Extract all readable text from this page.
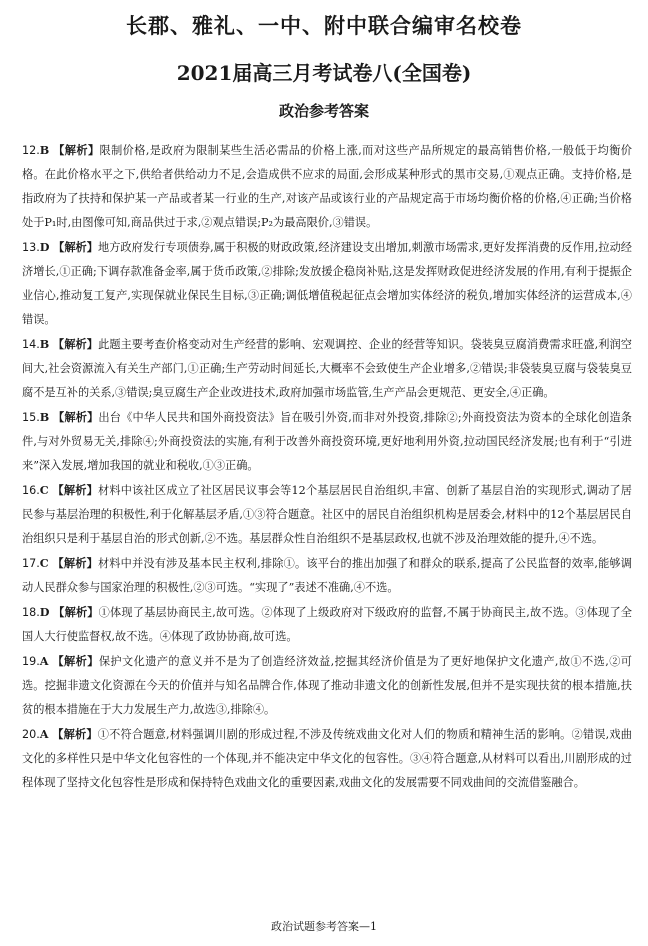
长郡、雅礼、一中、附中联合编审名校卷
2021届高三月考试卷八(全国卷)
政治参考答案

12.B 【解析】限制价格,是政府为限制某些生活必需品的价格上涨,而对这些产品所规定的最高销售价格,一般低于均衡价格。在此价格水平之下,供给者供给动力不足,会造成供不应求的局面,会形成某种形式的黑市交易,①观点正确。支持价格,是指政府为了扶持和保护某一产品或者某一行业的生产,对该产品或该行业的产品规定高于市场均衡价格的价格,④正确;当价格处于P₁时,由图像可知,商品供过于求,②观点错误;P₂为最高限价,③错误。

13.D 【解析】地方政府发行专项债券,属于积极的财政政策,经济建设支出增加,刺激市场需求,更好发挥消费的反作用,拉动经济增长,①正确;下调存款准备金率,属于货币政策,②排除;发放援企稳岗补贴,这是发挥财政促进经济发展的作用,有利于提振企业信心,推动复工复产,实现保就业保民生目标,③正确;调低增值税起征点会增加实体经济的税负,增加实体经济的运营成本,④错误。

14.B 【解析】此题主要考查价格变动对生产经营的影响、宏观调控、企业的经营等知识。袋装臭豆腐消费需求旺盛,利润空间大,社会资源流入有关生产部门,①正确;生产劳动时间延长,大概率不会致使生产企业增多,②错误;非袋装臭豆腐与袋装臭豆腐不是互补的关系,③错误;臭豆腐生产企业改进技术,政府加强市场监管,生产产品会更规范、更安全,④正确。

15.B 【解析】出台《中华人民共和国外商投资法》旨在吸引外资,而非对外投资,排除②;外商投资法为资本的全球化创造条件,与对外贸易无关,排除④;外商投资法的实施,有利于改善外商投资环境,更好地利用外资,拉动国民经济发展;也有利于“引进来”深入发展,增加我国的就业和税收,①③正确。

16.C 【解析】材料中该社区成立了社区居民议事会等12个基层居民自治组织,丰富、创新了基层自治的实现形式,调动了居民参与基层治理的积极性,利于化解基层矛盾,①③符合题意。社区中的居民自治组织机构是居委会,材料中的12个基层居民自治组织只是利于基层自治的形式创新,②不选。基层群众性自治组织不是基层政权,也就不涉及治理效能的提升,④不选。

17.C 【解析】材料中并没有涉及基本民主权利,排除①。该平台的推出加强了和群众的联系,提高了公民监督的效率,能够调动人民群众参与国家治理的积极性,②③可选。“实现了”表述不准确,④不选。

18.D 【解析】①体现了基层协商民主,故可选。②体现了上级政府对下级政府的监督,不属于协商民主,故不选。③体现了全国人大行使监督权,故不选。④体现了政协协商,故可选。

19.A 【解析】保护文化遗产的意义并不是为了创造经济效益,挖掘其经济价值是为了更好地保护文化遗产,故①不选,②可选。挖掘非遗文化资源在今天的价值并与知名品牌合作,体现了推动非遗文化的创新性发展,但并不是实现扶贫的根本措施,扶贫的根本措施在于大力发展生产力,故选③,排除④。

20.A 【解析】①不符合题意,材料强调川剧的形成过程,不涉及传统戏曲文化对人们的物质和精神生活的影响。②错误,戏曲文化的多样性只是中华文化包容性的一个体现,并不能决定中华文化的包容性。③④符合题意,从材料可以看出,川剧形成的过程体现了坚持文化包容性是形成和保持特色戏曲文化的重要因素,戏曲文化的发展需要不同戏曲间的交流借鉴融合。

政治试题参考答案—1
